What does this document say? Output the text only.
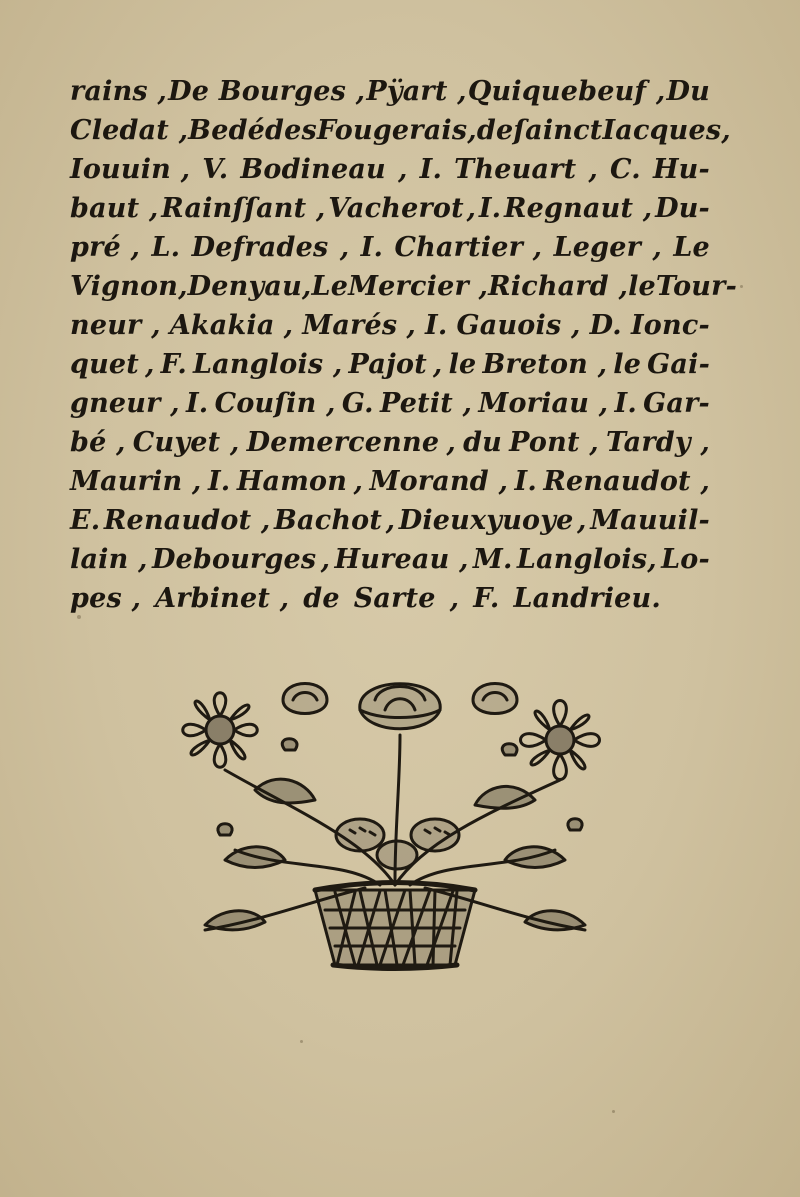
rains , De Bourges , Pÿart , Quiquebeuf , Du
Cledat , Bedé des Fougerais, de ſainct Iacques,
Iouuin , V. Bodineau , I. Theuart , C. Hu-
baut , Rainſſant , Vacherot , I. Regnaut , Du-
pré , L. Defrades , I. Chartier , Leger , Le
Vignon,Denyau ,Le Mercier , Richard , le Tour-
neur , Akakia , Marés , I. Gauois , D. Ionc-
quet , F. Langlois , Pajot , le Breton , le Gai-
gneur , I. Couſin , G. Petit , Moriau , I. Gar-
bé , Cuyet , Demercenne , du Pont , Tardy ,
Maurin , I. Hamon , Morand , I. Renaudot ,
E. Renaudot , Bachot , Dieuxyuoye , Mauuil-
lain , Debourges , Hureau , M. Langlois, Lo-
pes , Arbinet , de Sarte , F. Landrieu.
